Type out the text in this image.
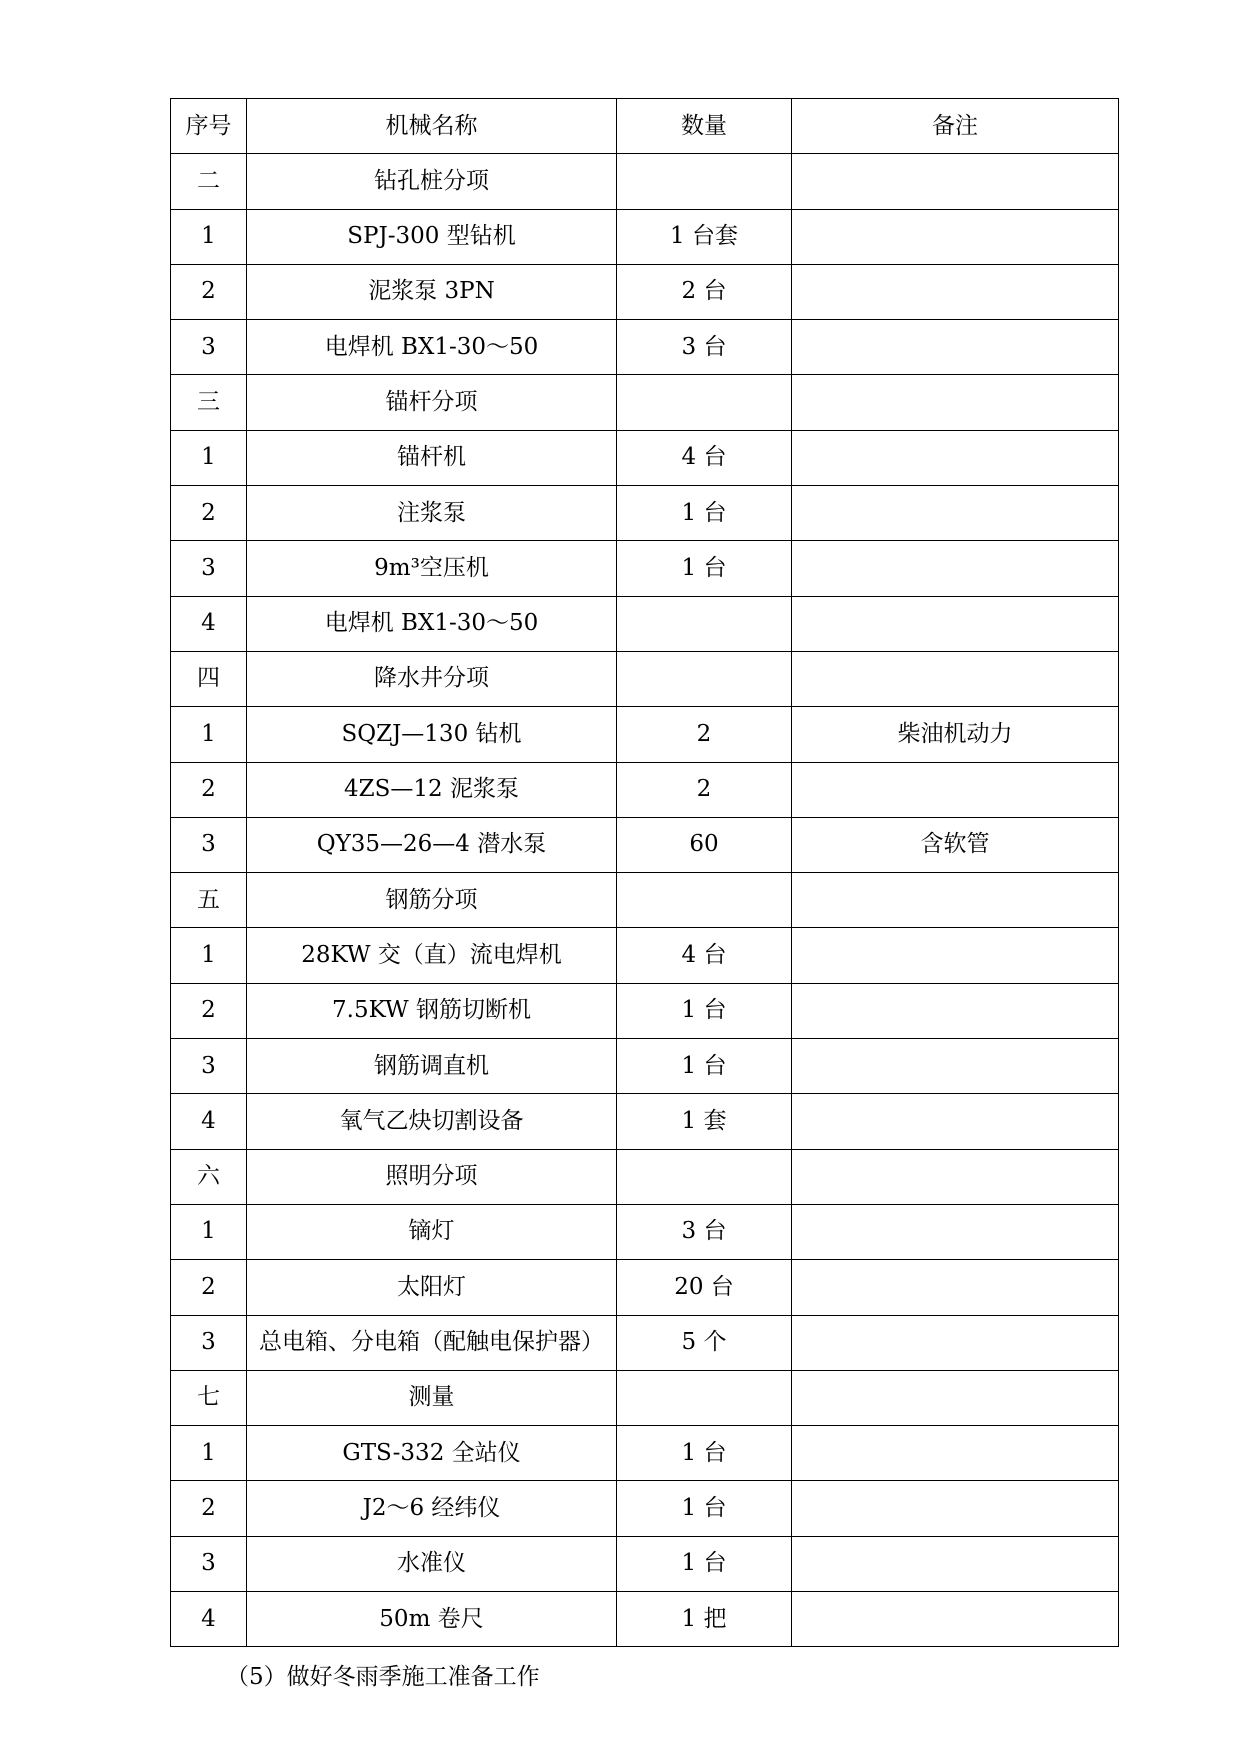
序号	机械名称	数量	备注
二	钻孔桩分项		
1	SPJ-300 型钻机	1 台套	
2	泥浆泵 3PN	2 台	
3	电焊机 BX1-30～50	3 台	
三	锚杆分项		
1	锚杆机	4 台	
2	注浆泵	1 台	
3	9m³空压机	1 台	
4	电焊机 BX1-30～50		
四	降水井分项		
1	SQZJ—130 钻机	2	柴油机动力
2	4ZS—12 泥浆泵	2	
3	QY35—26—4 潜水泵	60	含软管
五	钢筋分项		
1	28KW 交（直）流电焊机	4 台	
2	7.5KW 钢筋切断机	1 台	
3	钢筋调直机	1 台	
4	氧气乙炔切割设备	1 套	
六	照明分项		
1	镝灯	3 台	
2	太阳灯	20 台	
3	总电箱、分电箱（配触电保护器）	5 个	
七	测量		
1	GTS-332 全站仪	1 台	
2	J2～6 经纬仪	1 台	
3	水准仪	1 台	
4	50m 卷尺	1 把	
（5）做好冬雨季施工准备工作
